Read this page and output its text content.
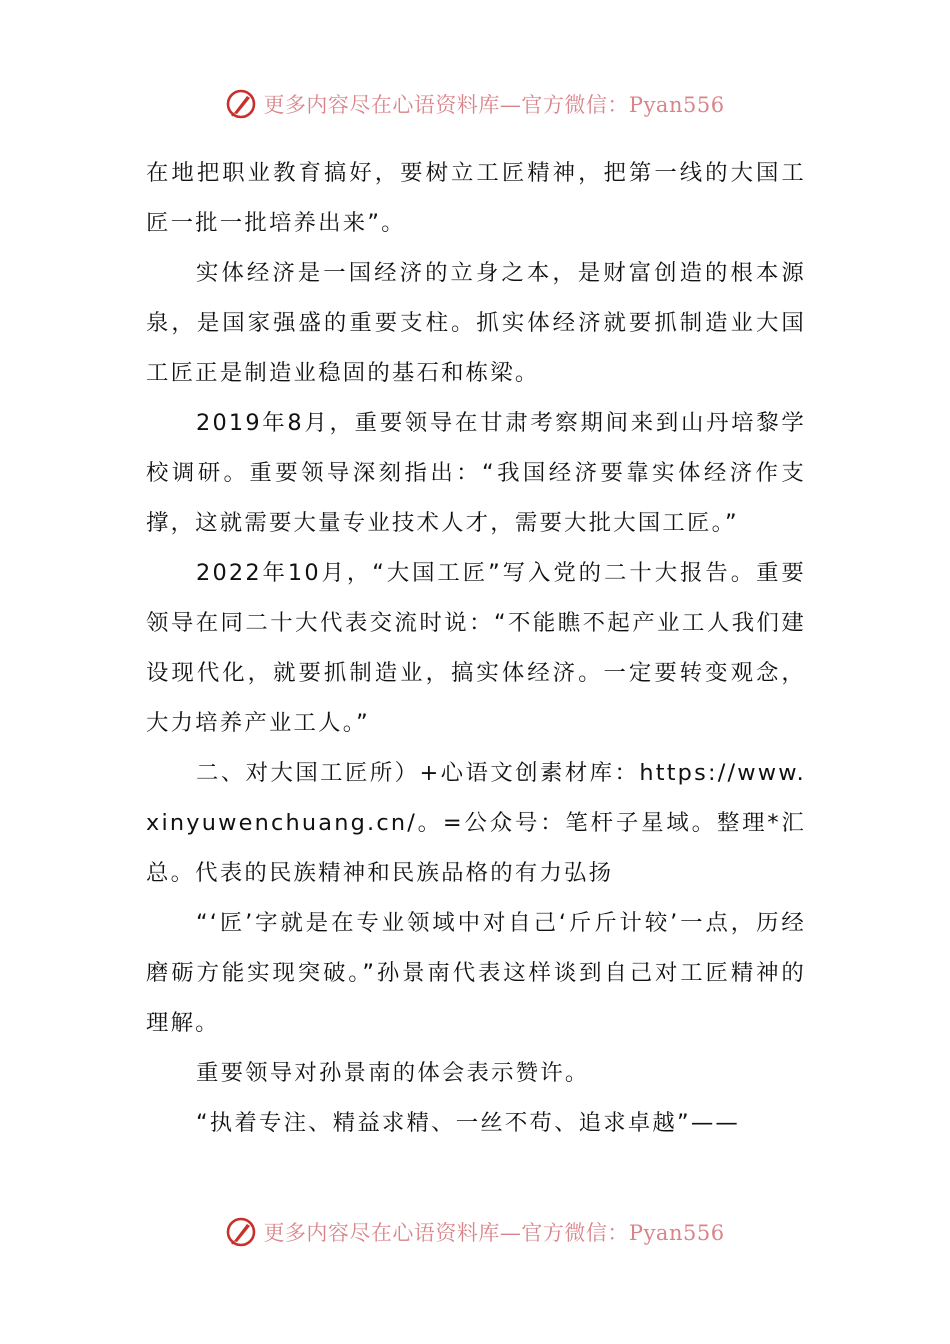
更多内容尽在心语资料库—官方微信：Pyan556

在地把职业教育搞好，要树立工匠精神，把第一线的大国工匠一批一批培养出来”。

实体经济是一国经济的立身之本，是财富创造的根本源泉，是国家强盛的重要支柱。抓实体经济就要抓制造业大国工匠正是制造业稳固的基石和栋梁。

2019年8月，重要领导在甘肃考察期间来到山丹培黎学校调研。重要领导深刻指出：“我国经济要靠实体经济作支撑，这就需要大量专业技术人才，需要大批大国工匠。”

2022年10月，“大国工匠”写入党的二十大报告。重要领导在同二十大代表交流时说：“不能瞧不起产业工人我们建设现代化，就要抓制造业，搞实体经济。一定要转变观念，大力培养产业工人。”

二、对大国工匠所）+心语文创素材库：https://www.xinyuwenchuang.cn/。=公众号：笔杆子星域。整理*汇总。代表的民族精神和民族品格的有力弘扬

“‘匠’字就是在专业领域中对自己‘斤斤计较’一点，历经磨砺方能实现突破。”孙景南代表这样谈到自己对工匠精神的理解。

重要领导对孙景南的体会表示赞许。

“执着专注、精益求精、一丝不苟、追求卓越”——

更多内容尽在心语资料库—官方微信：Pyan556
